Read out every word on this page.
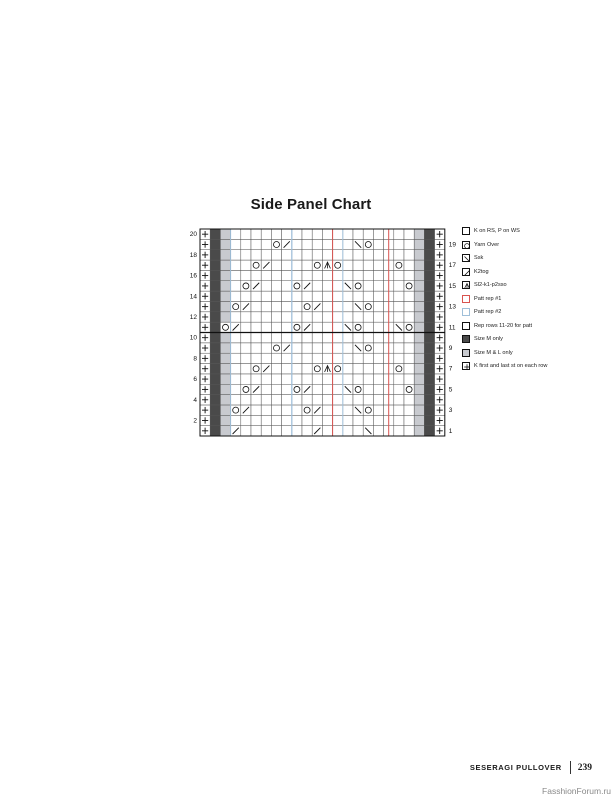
Side Panel Chart
2
4
6
8
10
12
14
16
18
20
1
3
5
7
9
11
13
15
17
19
K on RS, P on WS
Yarn Over
Ssk
K2tog
Sl2-k1-p2sso
Patt rep #1
Patt rep #2
Rep rows 11-20 for patt
Size M only
Size M & L only
K first and last st on each row
SESERAGI PULLOVER 239
FasshionForum.ru
